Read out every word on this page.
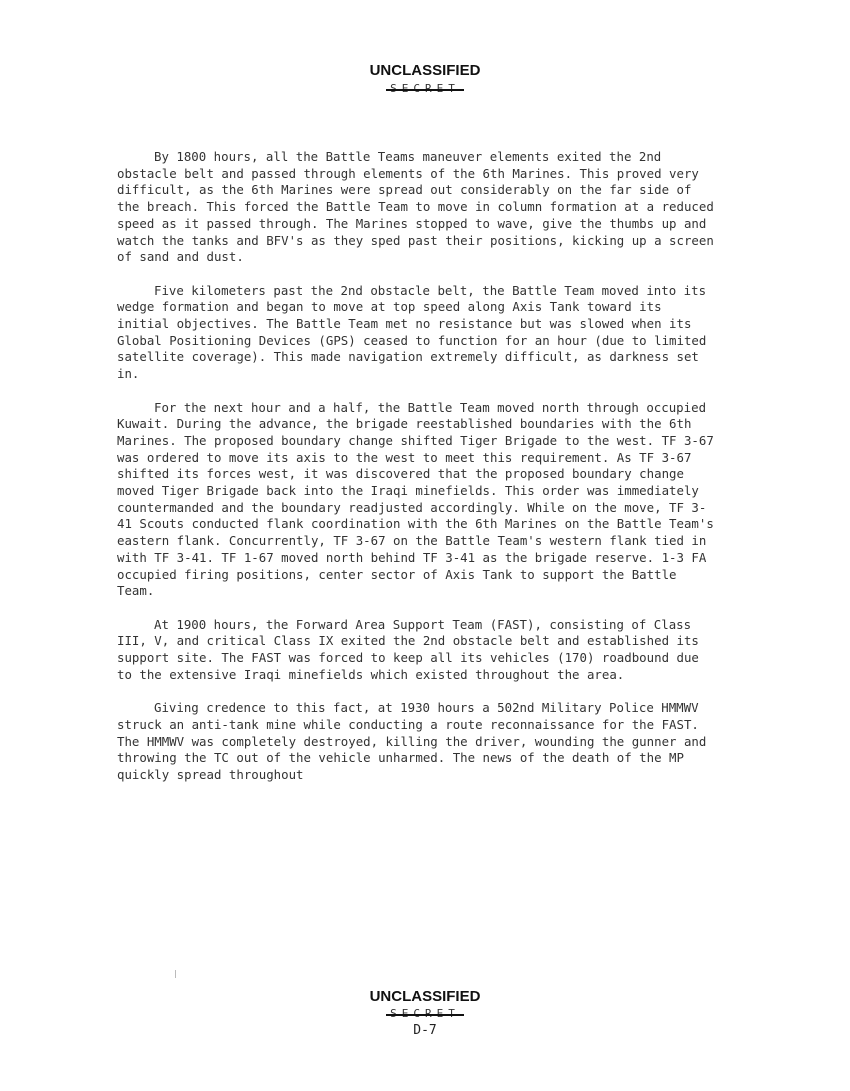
UNCLASSIFIED
SECRET

By 1800 hours, all the Battle Teams maneuver elements exited the 2nd obstacle belt and passed through elements of the 6th Marines. This proved very difficult, as the 6th Marines were spread out considerably on the far side of the breach. This forced the Battle Team to move in column formation at a reduced speed as it passed through. The Marines stopped to wave, give the thumbs up and watch the tanks and BFV's as they sped past their positions, kicking up a screen of sand and dust.

Five kilometers past the 2nd obstacle belt, the Battle Team moved into its wedge formation and began to move at top speed along Axis Tank toward its initial objectives. The Battle Team met no resistance but was slowed when its Global Positioning Devices (GPS) ceased to function for an hour (due to limited satellite coverage). This made navigation extremely difficult, as darkness set in.

For the next hour and a half, the Battle Team moved north through occupied Kuwait. During the advance, the brigade reestablished boundaries with the 6th Marines. The proposed boundary change shifted Tiger Brigade to the west. TF 3-67 was ordered to move its axis to the west to meet this requirement. As TF 3-67 shifted its forces west, it was discovered that the proposed boundary change moved Tiger Brigade back into the Iraqi minefields. This order was immediately countermanded and the boundary readjusted accordingly. While on the move, TF 3-41 Scouts conducted flank coordination with the 6th Marines on the Battle Team's eastern flank. Concurrently, TF 3-67 on the Battle Team's western flank tied in with TF 3-41. TF 1-67 moved north behind TF 3-41 as the brigade reserve. 1-3 FA occupied firing positions, center sector of Axis Tank to support the Battle Team.

At 1900 hours, the Forward Area Support Team (FAST), consisting of Class III, V, and critical Class IX exited the 2nd obstacle belt and established its support site. The FAST was forced to keep all its vehicles (170) roadbound due to the extensive Iraqi minefields which existed throughout the area.

Giving credence to this fact, at 1930 hours a 502nd Military Police HMMWV struck an anti-tank mine while conducting a route reconnaissance for the FAST. The HMMWV was completely destroyed, killing the driver, wounding the gunner and throwing the TC out of the vehicle unharmed. The news of the death of the MP quickly spread throughout

UNCLASSIFIED
SECRET
D-7
